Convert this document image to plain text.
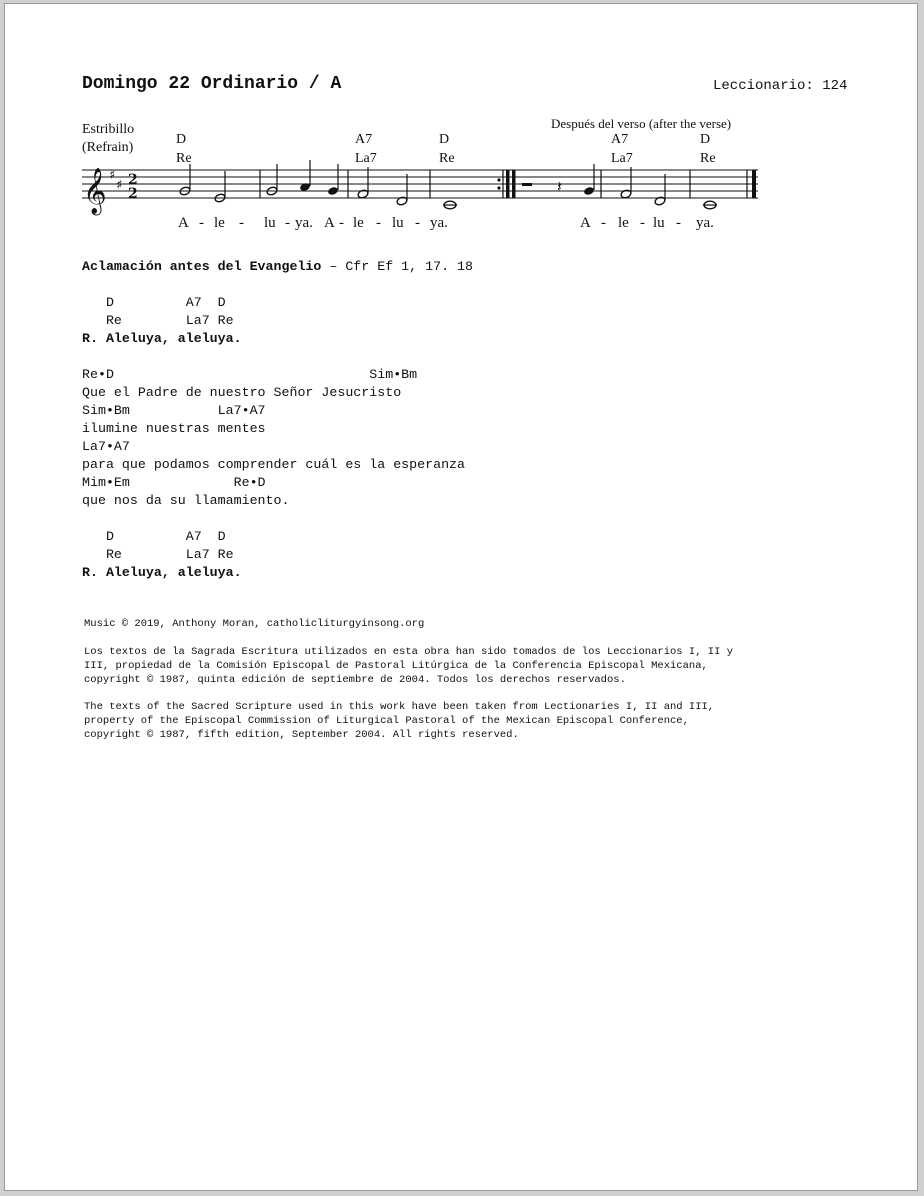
Domingo 22 Ordinario / A	Leccionario: 124
Estribillo
(Refrain)
Después del verso (after the verse)
D
Re
A7
La7
D
Re
A7
La7
D
Re
𝄞 ♯
♯ 2
2	𝄽
A - le - lu - ya. A - le - lu - ya.	A - le - lu - ya.
Aclamación antes del Evangelio – Cfr Ef 1, 17. 18
D         A7  D
Re        La7 Re
R. Aleluya, aleluya.
Re•D                                Sim•Bm
Que el Padre de nuestro Señor Jesucristo
Sim•Bm           La7•A7
ilumine nuestras mentes
La7•A7
para que podamos comprender cuál es la esperanza
Mim•Em             Re•D
que nos da su llamamiento.
D         A7  D
Re        La7 Re
R. Aleluya, aleluya.
Music © 2019, Anthony Moran, catholicliturgyinsong.org
Los textos de la Sagrada Escritura utilizados en esta obra han sido tomados de los Leccionarios I, II y
III, propiedad de la Comisión Episcopal de Pastoral Litúrgica de la Conferencia Episcopal Mexicana,
copyright © 1987, quinta edición de septiembre de 2004. Todos los derechos reservados.
The texts of the Sacred Scripture used in this work have been taken from Lectionaries I, II and III,
property of the Episcopal Commission of Liturgical Pastoral of the Mexican Episcopal Conference,
copyright © 1987, fifth edition, September 2004. All rights reserved.
